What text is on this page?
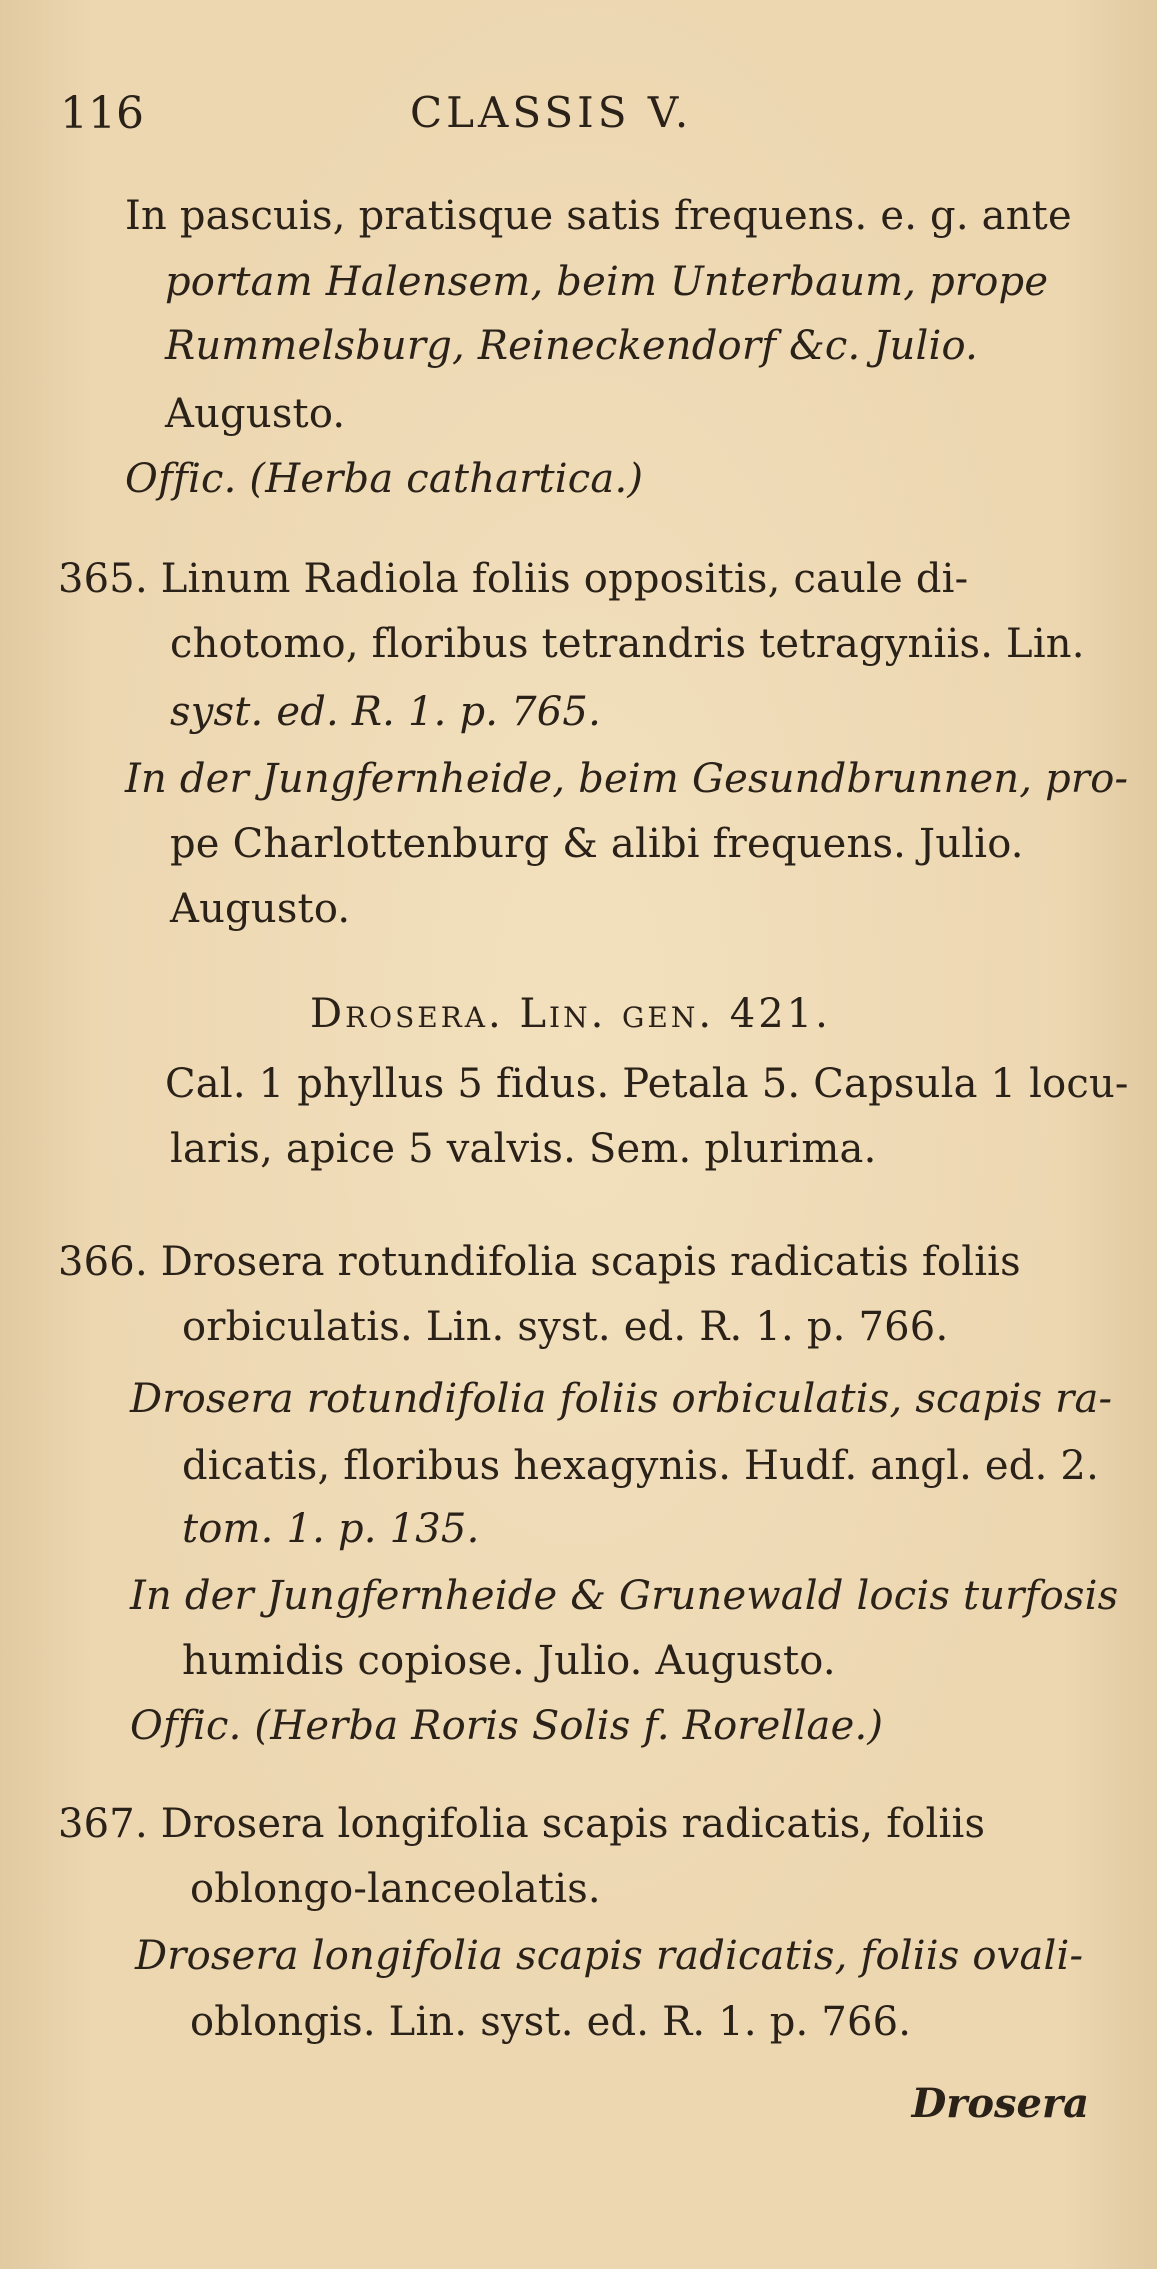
116	CLASSIS V.
In pascuis, pratisque satis frequens. e. g. ante
portam Halensem, beim Unterbaum, prope
Rummelsburg, Reineckendorf &c. Julio.
Augusto.
Offic. (Herba cathartica.)
365. Linum Radiola foliis oppositis, caule di-
chotomo, floribus tetrandris tetragyniis. Lin.
syst. ed. R. 1. p. 765.
In der Jungfernheide, beim Gesundbrunnen, pro-
pe Charlottenburg & alibi frequens. Julio.
Augusto.
Drosera. Lin. gen. 421.
Cal. 1 phyllus 5 fidus. Petala 5. Capsula 1 locu-
laris, apice 5 valvis. Sem. plurima.
366. Drosera rotundifolia scapis radicatis foliis
orbiculatis. Lin. syst. ed. R. 1. p. 766.
Drosera rotundifolia foliis orbiculatis, scapis ra-
dicatis, floribus hexagynis. Hudf. angl. ed. 2.
tom. 1. p. 135.
In der Jungfernheide & Grunewald locis turfosis
humidis copiose. Julio. Augusto.
Offic. (Herba Roris Solis f. Rorellae.)
367. Drosera longifolia scapis radicatis, foliis
oblongo-lanceolatis.
Drosera longifolia scapis radicatis, foliis ovali-
oblongis. Lin. syst. ed. R. 1. p. 766.
Drosera
